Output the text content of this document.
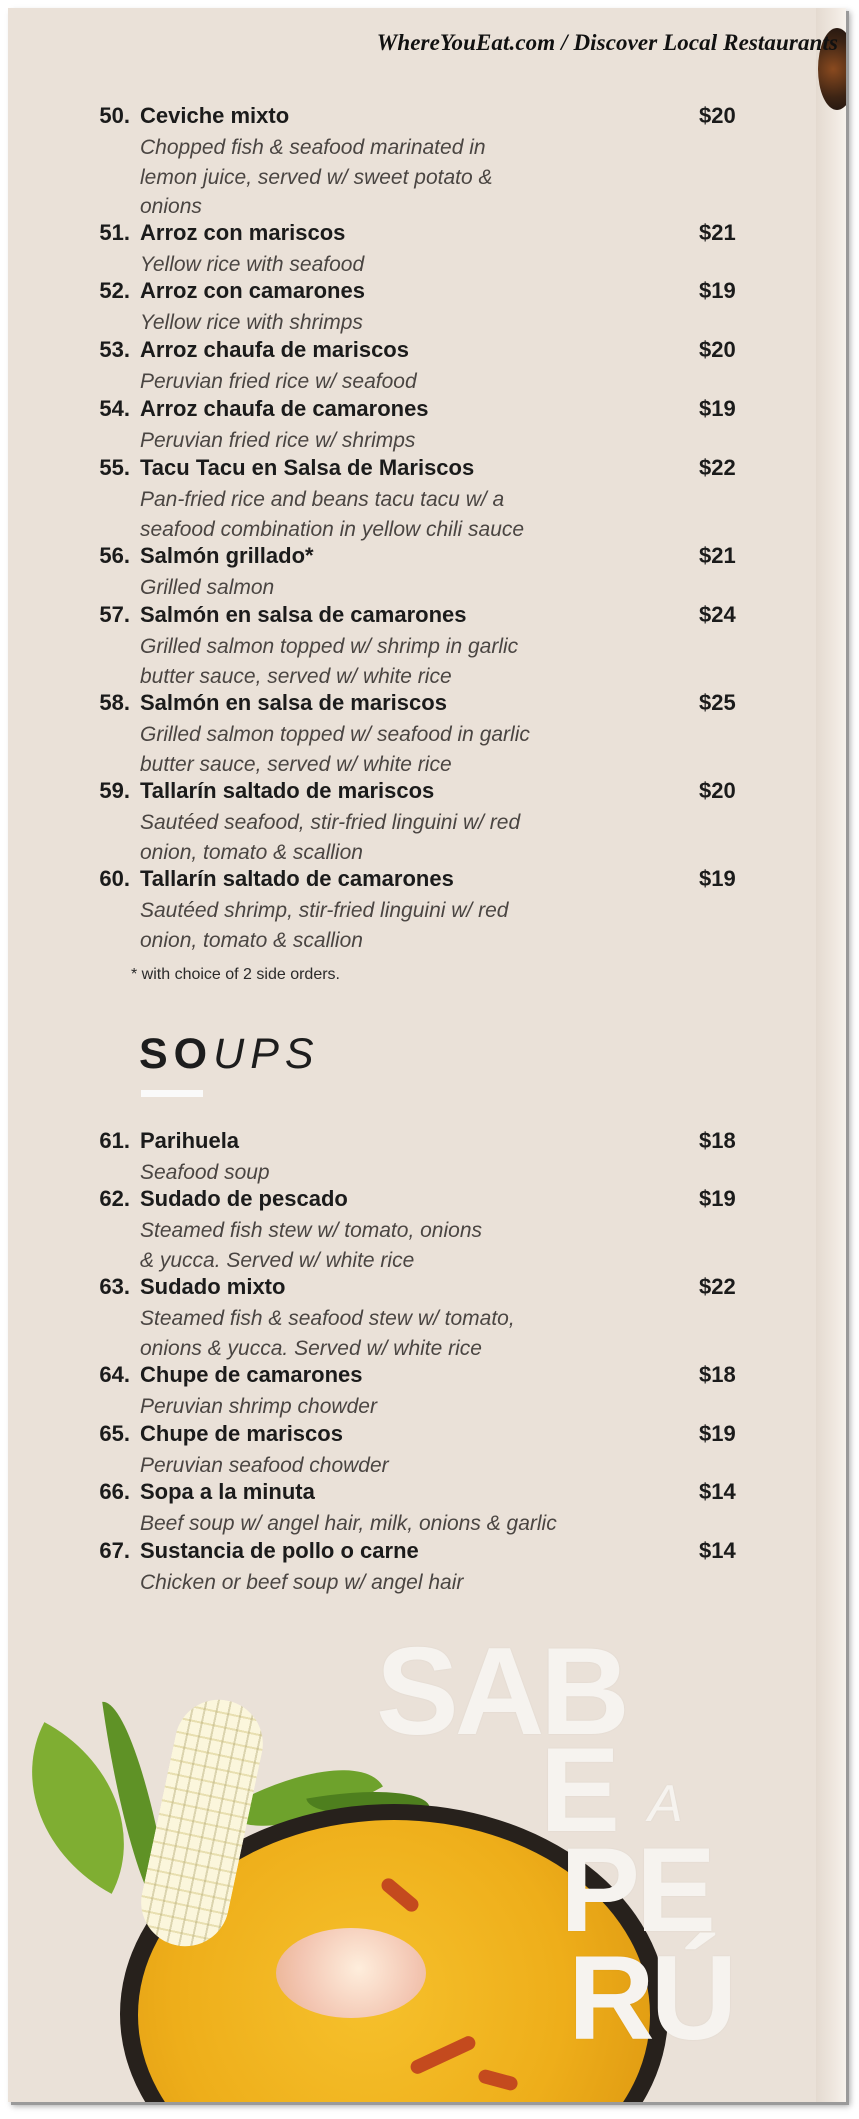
WhereYouEat.com / Discover Local Restaurants
50. Ceviche mixto	$20
Chopped fish & seafood marinated in
lemon juice, served w/ sweet potato &
onions
51. Arroz con mariscos	$21
Yellow rice with seafood
52. Arroz con camarones	$19
Yellow rice with shrimps
53. Arroz chaufa de mariscos	$20
Peruvian fried rice w/ seafood
54. Arroz chaufa de camarones	$19
Peruvian fried rice w/ shrimps
55. Tacu Tacu en Salsa de Mariscos	$22
Pan-fried rice and beans tacu tacu w/ a
seafood combination in yellow chili sauce
56. Salmón grillado*	$21
Grilled salmon
57. Salmón en salsa de camarones	$24
Grilled salmon topped w/ shrimp in garlic
butter sauce, served w/ white rice
58. Salmón en salsa de mariscos	$25
Grilled salmon topped w/ seafood in garlic
butter sauce, served w/ white rice
59. Tallarín saltado de mariscos	$20
Sautéed seafood, stir-fried linguini w/ red
onion, tomato & scallion
60. Tallarín saltado de camarones	$19
Sautéed shrimp, stir-fried linguini w/ red
onion, tomato & scallion
* with choice of 2 side orders.
SOUPS
61. Parihuela	$18
Seafood soup
62. Sudado de pescado	$19
Steamed fish stew w/ tomato, onions
& yucca. Served w/ white rice
63. Sudado mixto	$22
Steamed fish & seafood stew w/ tomato,
onions & yucca. Served w/ white rice
64. Chupe de camarones	$18
Peruvian shrimp chowder
65. Chupe de mariscos	$19
Peruvian seafood chowder
66. Sopa a la minuta	$14
Beef soup w/ angel hair, milk, onions & garlic
67. Sustancia de pollo o carne	$14
Chicken or beef soup w/ angel hair
SAB
E A
PE
RÚ
